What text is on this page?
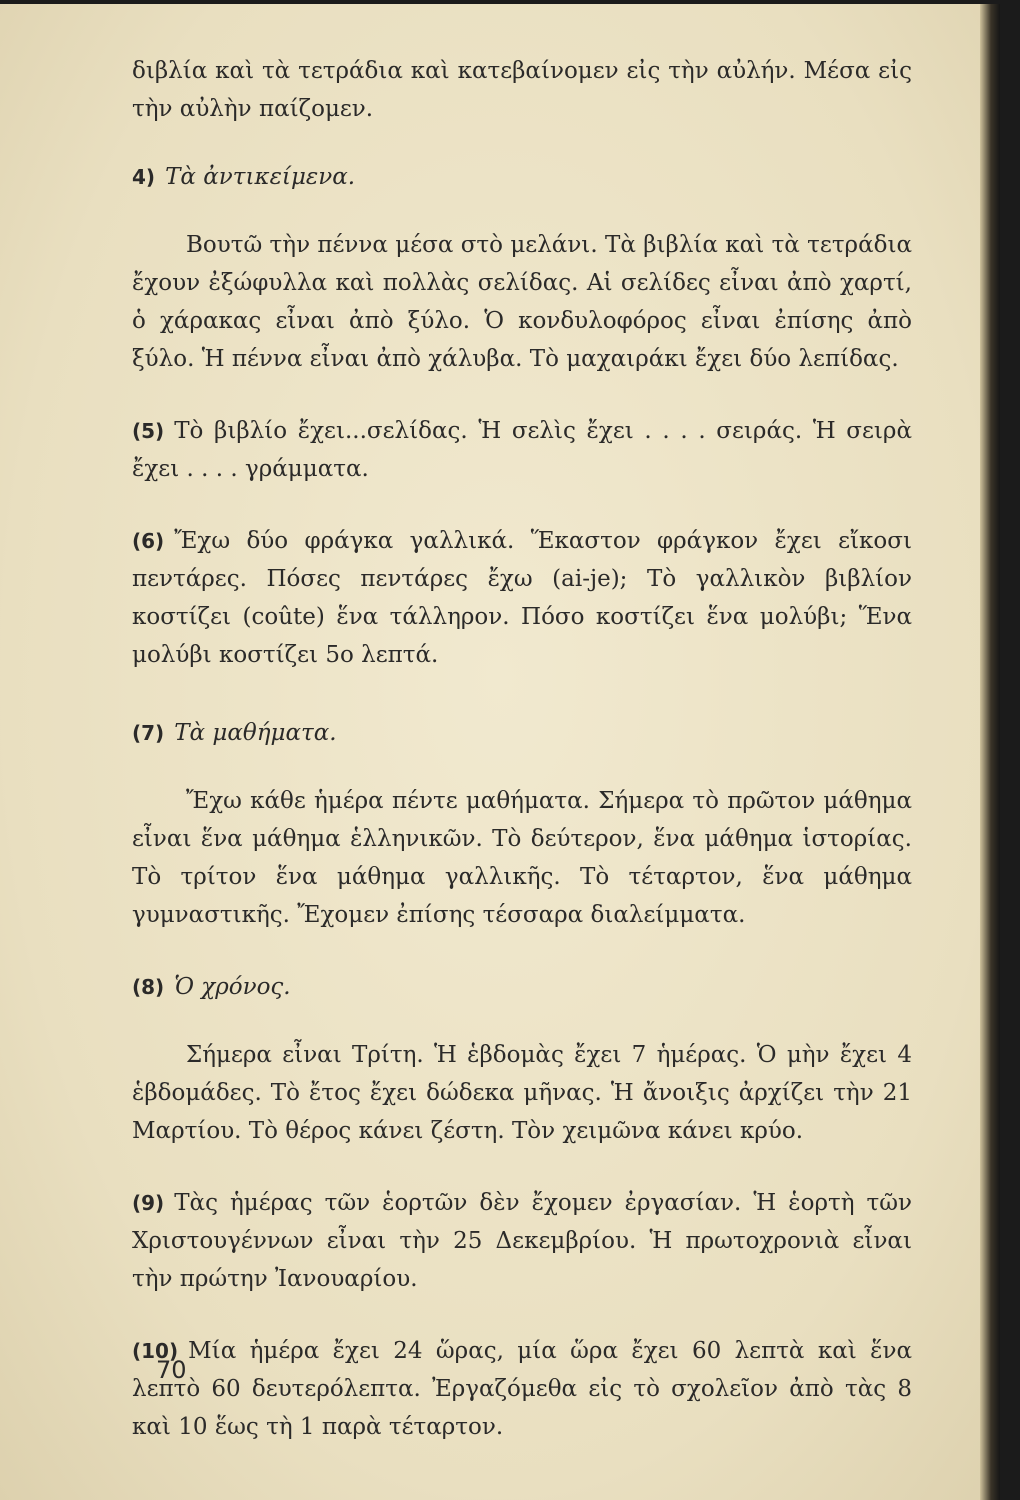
διβλία καὶ τὰ τετράδια καὶ κατεβαίνομεν εἰς τὴν αὐλήν. Μέσα εἰς τὴν αὐλὴν παίζομεν.

4) Τὰ ἀντικείμενα.

Βουτῶ τὴν πέννα μέσα στὸ μελάνι. Τὰ βιβλία καὶ τὰ τετράδια ἔχουν ἐξώφυλλα καὶ πολλὰς σελίδας. Αἱ σελίδες εἶναι ἀπὸ χαρτί, ὁ χάρακας εἶναι ἀπὸ ξύλο. Ὁ κονδυλοφόρος εἶναι ἐπίσης ἀπὸ ξύλο. Ἡ πέννα εἶναι ἀπὸ χάλυβα. Τὸ μαχαιράκι ἔχει δύο λεπίδας.

(5) Τὸ βιβλίο ἔχει...σελίδας. Ἡ σελὶς ἔχει . . . . σειράς. Ἡ σειρὰ ἔχει . . . . γράμματα.

(6) Ἔχω δύο φράγκα γαλλικά. Ἕκαστον φράγκον ἔχει εἴκοσι πεντάρες. Πόσες πεντάρες ἔχω (ai-je); Τὸ γαλλικὸν βιβλίον κοστίζει (coûte) ἕνα τάλληρον. Πόσο κοστίζει ἕνα μολύβι; Ἕνα μολύβι κοστίζει 5ο λεπτά.

(7) Τὰ μαθήματα.

Ἔχω κάθε ἡμέρα πέντε μαθήματα. Σήμερα τὸ πρῶτον μάθημα εἶναι ἕνα μάθημα ἑλληνικῶν. Τὸ δεύτερον, ἕνα μάθημα ἱστορίας. Τὸ τρίτον ἕνα μάθημα γαλλικῆς. Τὸ τέταρτον, ἕνα μάθημα γυμναστικῆς. Ἔχομεν ἐπίσης τέσσαρα διαλείμματα.

(8) Ὁ χρόνος.

Σήμερα εἶναι Τρίτη. Ἡ ἑβδομὰς ἔχει 7 ἡμέρας. Ὁ μὴν ἔχει 4 ἑβδομάδες. Τὸ ἔτος ἔχει δώδεκα μῆνας. Ἡ ἄνοιξις ἀρχίζει τὴν 21 Μαρτίου. Τὸ θέρος κάνει ζέστη. Τὸν χειμῶνα κάνει κρύο.

(9) Τὰς ἡμέρας τῶν ἑορτῶν δὲν ἔχομεν ἐργασίαν. Ἡ ἑορτὴ τῶν Χριστουγέννων εἶναι τὴν 25 Δεκεμβρίου. Ἡ πρωτοχρονιὰ εἶναι τὴν πρώτην Ἰανουαρίου.

(10) Μία ἡμέρα ἔχει 24 ὥρας, μία ὥρα ἔχει 60 λεπτὰ καὶ ἕνα λεπτὸ 60 δευτερόλεπτα. Ἐργαζόμεθα εἰς τὸ σχολεῖον ἀπὸ τὰς 8 καὶ 10 ἕως τὴ 1 παρὰ τέταρτον.

70
